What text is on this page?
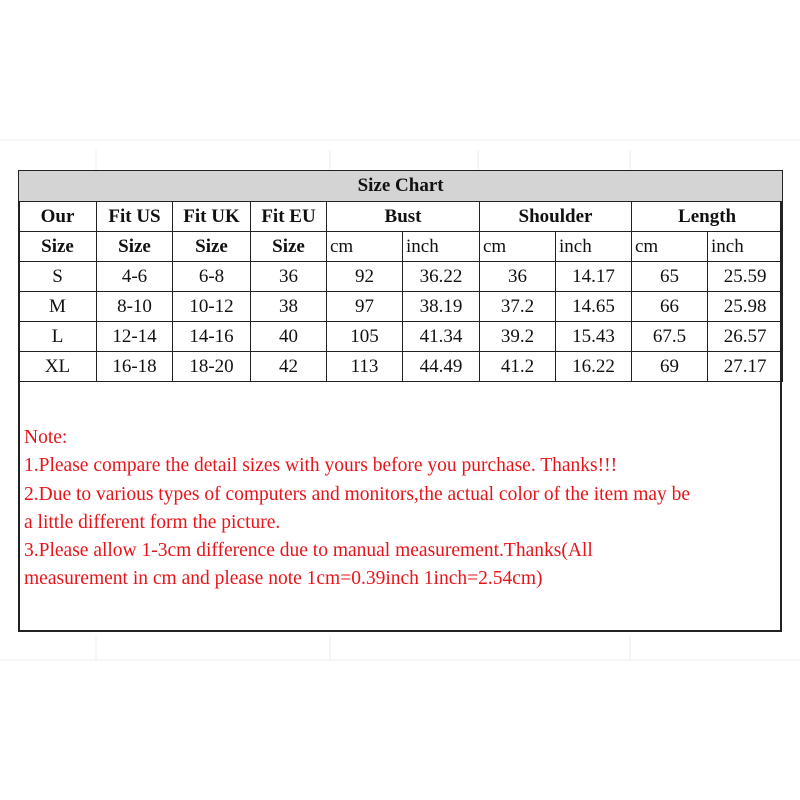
Size Chart									
Our	Fit US	Fit UK	Fit EU	Bust		Shoulder		Length	
Size	Size	Size	Size	cm	inch	cm	inch	cm	inch
S	4-6	6-8	36	92	36.22	36	14.17	65	25.59
M	8-10	10-12	38	97	38.19	37.2	14.65	66	25.98
L	12-14	14-16	40	105	41.34	39.2	15.43	67.5	26.57
XL	16-18	18-20	42	113	44.49	41.2	16.22	69	27.17
Note:
1.Please compare the detail sizes with yours before you purchase. Thanks!!!
2.Due to various types of computers and monitors,the actual color of the item may be
a little different form the picture.
3.Please allow 1-3cm difference due to manual measurement.Thanks(All
measurement in cm and please note 1cm=0.39inch 1inch=2.54cm)
